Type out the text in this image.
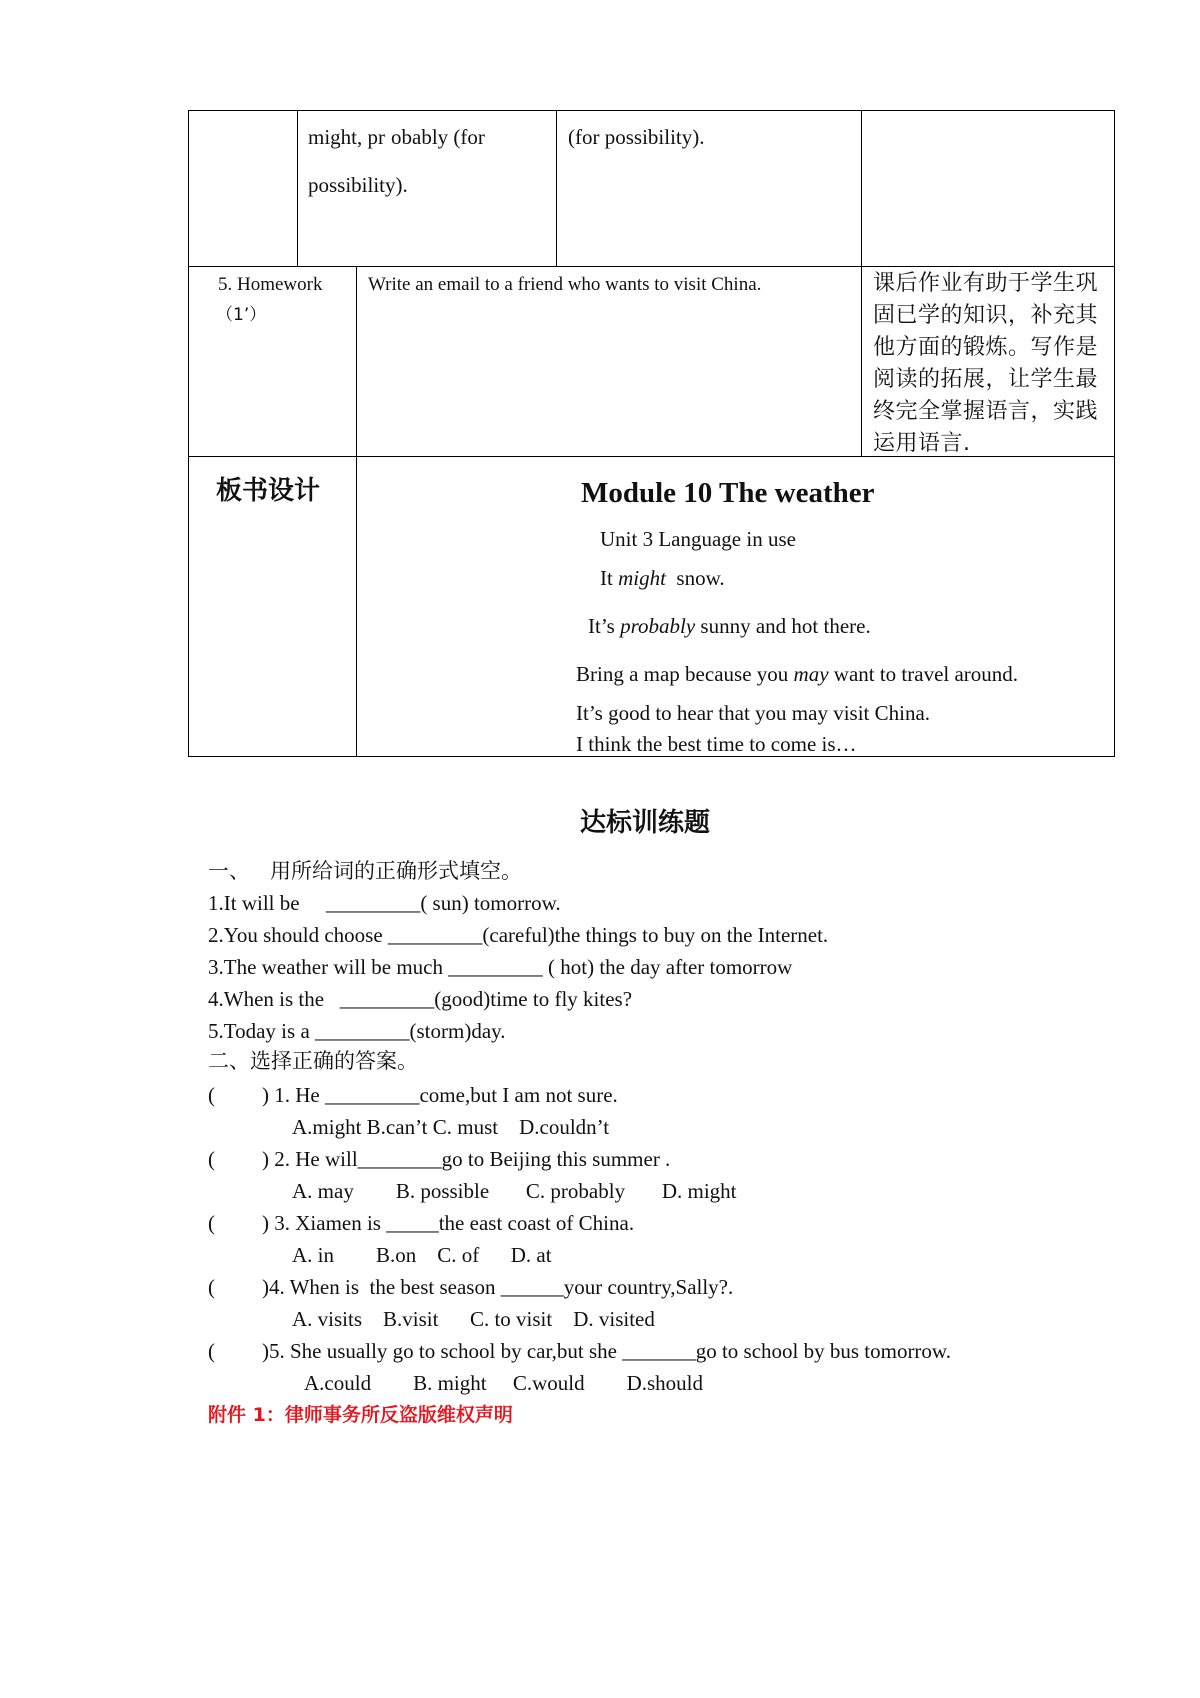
might, pr obably (for
possibility).
(for possibility).
5. Homework
（1’）
Write an email to a friend who wants to visit China.	课后作业有助于学生巩固已学的知识，补充其他方面的锻炼。写作是阅读的拓展，让学生最终完全掌握语言，实践运用语言.
板书设计	Module 10 The weather
Unit 3 Language in use
It might  snow.
It’s probably sunny and hot there.
Bring a map because you may want to travel around.
It’s good to hear that you may visit China.
I think the best time to come is…
达标训练题
一、   用所给词的正确形式填空。
1.It will be     _________( sun) tomorrow.
2.You should choose _________(careful)the things to buy on the Internet.
3.The weather will be much _________ ( hot) the day after tomorrow
4.When is the   _________(good)time to fly kites?
5.Today is a _________(storm)day.
二、选择正确的答案。
( ) 1. He _________come,but I am not sure.
A.might B.can’t C. must    D.couldn’t
( ) 2. He will________go to Beijing this summer .
A. may        B. possible       C. probably       D. might
( ) 3. Xiamen is _____the east coast of China.
A. in        B.on    C. of      D. at
( )4. When is  the best season ______your country,Sally?.
A. visits    B.visit      C. to visit    D. visited
( )5. She usually go to school by car,but she _______go to school by bus tomorrow.
A.could        B. might     C.would        D.should
附件 1：律师事务所反盗版维权声明
